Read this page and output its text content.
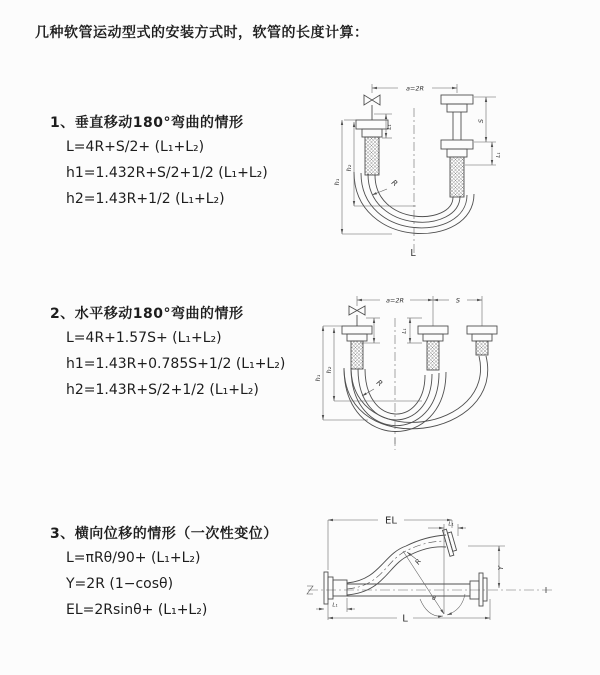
几种软管运动型式的安装方式时，软管的长度计算：
1、垂直移动180°弯曲的情形
L=4R+S/2+ (L₁+L₂)
h1=1.432R+S/2+1/2 (L₁+L₂)
h2=1.43R+1/2 (L₁+L₂)
2、水平移动180°弯曲的情形
L=4R+1.57S+ (L₁+L₂)
h1=1.43R+0.785S+1/2 (L₁+L₂)
h2=1.43R+S/2+1/2 (L₁+L₂)
3、横向位移的情形（一次性变位）
L=πRθ/90+ (L₁+L₂)
Y=2R (1−cosθ)
EL=2Rsinθ+ (L₁+L₂)
a=2R
h₁
h₂
L₁
S
L₁
R
L
a=2R	S
h₁
h₂
L₁
R
EL	L₁
Y
R
θ
L
L₁
